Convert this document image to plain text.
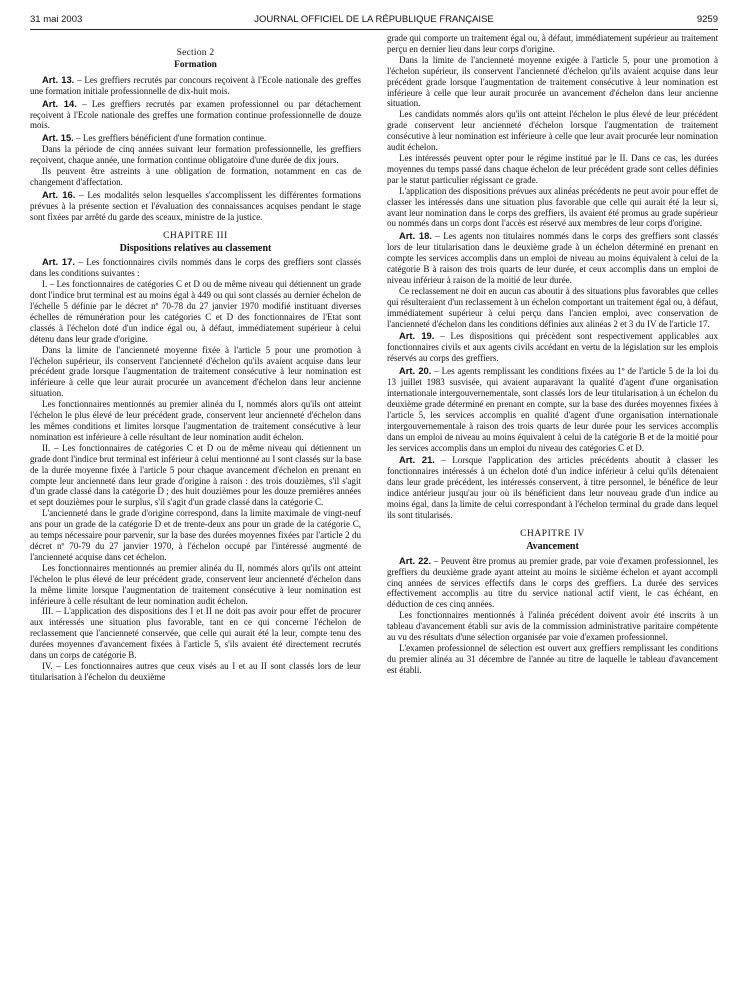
31 mai 2003	JOURNAL OFFICIEL DE LA RÉPUBLIQUE FRANÇAISE	9259
Section 2
Formation

Art. 13. – Les greffiers recrutés par concours reçoivent à l'Ecole nationale des greffes une formation initiale professionnelle de dix-huit mois.

Art. 14. – Les greffiers recrutés par examen professionnel ou par détachement reçoivent à l'Ecole nationale des greffes une formation continue professionnelle de douze mois.

Art. 15. – Les greffiers bénéficient d'une formation continue.

Dans la période de cinq années suivant leur formation professionnelle, les greffiers reçoivent, chaque année, une formation continue obligatoire d'une durée de dix jours.

Ils peuvent être astreints à une obligation de formation, notamment en cas de changement d'affectation.

Art. 16. – Les modalités selon lesquelles s'accomplissent les différentes formations prévues à la présente section et l'évaluation des connaissances acquises pendant le stage sont fixées par arrêté du garde des sceaux, ministre de la justice.

CHAPITRE III
Dispositions relatives au classement

Art. 17. – Les fonctionnaires civils nommés dans le corps des greffiers sont classés dans les conditions suivantes :

I. – Les fonctionnaires de catégories C et D ou de même niveau qui détiennent un grade dont l'indice brut terminal est au moins égal à 449 ou qui sont classés au dernier échelon de l'échelle 5 définie par le décret nº 70-78 du 27 janvier 1970 modifié instituant diverses échelles de rémunération pour les catégories C et D des fonctionnaires de l'Etat sont classés à l'échelon doté d'un indice égal ou, à défaut, immédiatement supérieur à celui détenu dans leur grade d'origine.

Dans la limite de l'ancienneté moyenne fixée à l'article 5 pour une promotion à l'échelon supérieur, ils conservent l'ancienneté d'échelon qu'ils avaient acquise dans leur précédent grade lorsque l'augmentation de traitement consécutive à leur nomination est inférieure à celle que leur aurait procurée un avancement d'échelon dans leur ancienne situation.

Les fonctionnaires mentionnés au premier alinéa du I, nommés alors qu'ils ont atteint l'échelon le plus élevé de leur précédent grade, conservent leur ancienneté d'échelon dans les mêmes conditions et limites lorsque l'augmentation de traitement consécutive à leur nomination est inférieure à celle résultant de leur nomination audit échelon.

II. – Les fonctionnaires de catégories C et D ou de même niveau qui détiennent un grade dont l'indice brut terminal est inférieur à celui mentionné au I sont classés sur la base de la durée moyenne fixée à l'article 5 pour chaque avancement d'échelon en prenant en compte leur ancienneté dans leur grade d'origine à raison : des trois douzièmes, s'il s'agit d'un grade classé dans la catégorie D ; des huit douzièmes pour les douze premières années et sept douzièmes pour le surplus, s'il s'agit d'un grade classé dans la catégorie C.

L'ancienneté dans le grade d'origine correspond, dans la limite maximale de vingt-neuf ans pour un grade de la catégorie D et de trente-deux ans pour un grade de la catégorie C, au temps nécessaire pour parvenir, sur la base des durées moyennes fixées par l'article 2 du décret nº 70-79 du 27 janvier 1970, à l'échelon occupé par l'intéressé augmenté de l'ancienneté acquise dans cet échelon.

Les fonctionnaires mentionnés au premier alinéa du II, nommés alors qu'ils ont atteint l'échelon le plus élevé de leur précédent grade, conservent leur ancienneté d'échelon dans la même limite lorsque l'augmentation de traitement consécutive à leur nomination est inférieure à celle résultant de leur nomination audit échelon.

III. – L'application des dispositions des I et II ne doit pas avoir pour effet de procurer aux intéressés une situation plus favorable, tant en ce qui concerne l'échelon de reclassement que l'ancienneté conservée, que celle qui aurait été la leur, compte tenu des durées moyennes d'avancement fixées à l'article 5, s'ils avaient été directement recrutés dans un corps de catégorie B.

IV. – Les fonctionnaires autres que ceux visés au I et au II sont classés lors de leur titularisation à l'échelon du deuxième

grade qui comporte un traitement égal ou, à défaut, immédiatement supérieur au traitement perçu en dernier lieu dans leur corps d'origine.

Dans la limite de l'ancienneté moyenne exigée à l'article 5, pour une promotion à l'échelon supérieur, ils conservent l'ancienneté d'échelon qu'ils avaient acquise dans leur précédent grade lorsque l'augmentation de traitement consécutive à leur nomination est inférieure à celle que leur aurait procurée un avancement d'échelon dans leur ancienne situation.

Les candidats nommés alors qu'ils ont atteint l'échelon le plus élevé de leur précédent grade conservent leur ancienneté d'échelon lorsque l'augmentation de traitement consécutive à leur nomination est inférieure à celle que leur avait procurée leur nomination audit échelon.

Les intéressés peuvent opter pour le régime institué par le II. Dans ce cas, les durées moyennes du temps passé dans chaque échelon de leur précédent grade sont celles définies par le statut particulier régissant ce grade.

L'application des dispositions prévues aux alinéas précédents ne peut avoir pour effet de classer les intéressés dans une situation plus favorable que celle qui aurait été la leur si, avant leur nomination dans le corps des greffiers, ils avaient été promus au grade supérieur ou nommés dans un corps dont l'accès est réservé aux membres de leur corps d'origine.

Art. 18. – Les agents non titulaires nommés dans le corps des greffiers sont classés lors de leur titularisation dans le deuxième grade à un échelon déterminé en prenant en compte les services accomplis dans un emploi de niveau au moins équivalent à celui de la catégorie B à raison des trois quarts de leur durée, et ceux accomplis dans un emploi de niveau inférieur à raison de la moitié de leur durée.

Ce reclassement ne doit en aucun cas aboutir à des situations plus favorables que celles qui résulteraient d'un reclassement à un échelon comportant un traitement égal ou, à défaut, immédiatement supérieur à celui perçu dans l'ancien emploi, avec conservation de l'ancienneté d'échelon dans les conditions définies aux alinéas 2 et 3 du IV de l'article 17.

Art. 19. – Les dispositions qui précèdent sont respectivement applicables aux fonctionnaires civils et aux agents civils accédant en vertu de la législation sur les emplois réservés au corps des greffiers.

Art. 20. – Les agents remplissant les conditions fixées au 1º de l'article 5 de la loi du 13 juillet 1983 susvisée, qui avaient auparavant la qualité d'agent d'une organisation internationale intergouvernementale, sont classés lors de leur titularisation à un échelon du deuxième grade déterminé en prenant en compte, sur la base des durées moyennes fixées à l'article 5, les services accomplis en qualité d'agent d'une organisation internationale intergouvernementale à raison des trois quarts de leur durée pour les services accomplis dans un emploi de niveau au moins équivalent à celui de la catégorie B et de la moitié pour les services accomplis dans un emploi du niveau des catégories C et D.

Art. 21. – Lorsque l'application des articles précédents aboutit à classer les fonctionnaires intéressés à un échelon doté d'un indice inférieur à celui qu'ils détenaient dans leur grade précédent, les intéressés conservent, à titre personnel, le bénéfice de leur indice antérieur jusqu'au jour où ils bénéficient dans leur nouveau grade d'un indice au moins égal, dans la limite de celui correspondant à l'échelon terminal du grade dans lequel ils sont titularisés.

CHAPITRE IV
Avancement

Art. 22. – Peuvent être promus au premier grade, par voie d'examen professionnel, les greffiers du deuxième grade ayant atteint au moins le sixième échelon et ayant accompli cinq années de services effectifs dans le corps des greffiers. La durée des services effectivement accomplis au titre du service national actif vient, le cas échéant, en déduction de ces cinq années.

Les fonctionnaires mentionnés à l'alinéa précédent doivent avoir été inscrits à un tableau d'avancement établi sur avis de la commission administrative paritaire compétente au vu des résultats d'une sélection organisée par voie d'examen professionnel.

L'examen professionnel de sélection est ouvert aux greffiers remplissant les conditions du premier alinéa au 31 décembre de l'année au titre de laquelle le tableau d'avancement est établi.
